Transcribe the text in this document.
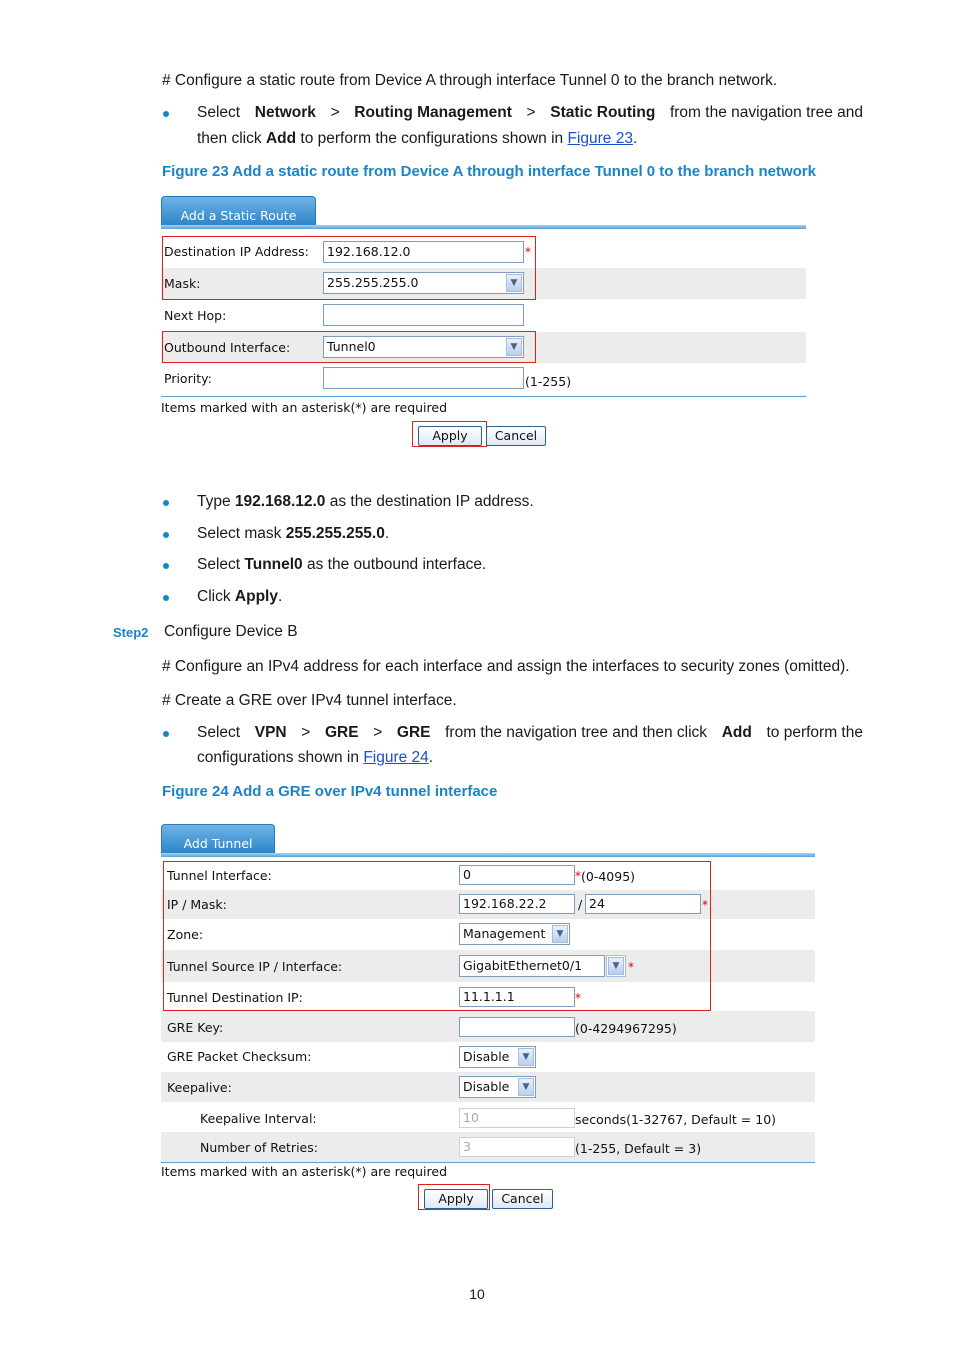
# Configure a static route from Device A through interface Tunnel 0 to the branch network.
Select Network > Routing Management > Static Routing from the navigation tree and
then click Add to perform the configurations shown in Figure 23.
Figure 23 Add a static route from Device A through interface Tunnel 0 to the branch network
Add a Static Route
Destination IP Address:	192.168.12.0	*
Mask:	255.255.255.0	▼
Next Hop:
Outbound Interface:	Tunnel0	▼
Priority:	(1-255)
Items marked with an asterisk(*) are required
Apply	Cancel
Type 192.168.12.0 as the destination IP address.
Select mask 255.255.255.0.
Select Tunnel0 as the outbound interface.
Click Apply.
Step2 Configure Device B
# Configure an IPv4 address for each interface and assign the interfaces to security zones (omitted).
# Create a GRE over IPv4 tunnel interface.
Select VPN > GRE > GRE from the navigation tree and then click Add to perform the
configurations shown in Figure 24.
Figure 24 Add a GRE over IPv4 tunnel interface
Add Tunnel
Tunnel Interface:	0	* (0-4095)
IP / Mask:	192.168.22.2	/ 24	*
Zone:	Management	▼
Tunnel Source IP / Interface:	GigabitEthernet0/1	▼ *
Tunnel Destination IP:	11.1.1.1	*
GRE Key:	(0-4294967295)
GRE Packet Checksum:	Disable	▼
Keepalive:	Disable	▼
Keepalive Interval:	10	seconds(1-32767, Default = 10)
Number of Retries:	3	(1-255, Default = 3)
Items marked with an asterisk(*) are required
Apply	Cancel
10
